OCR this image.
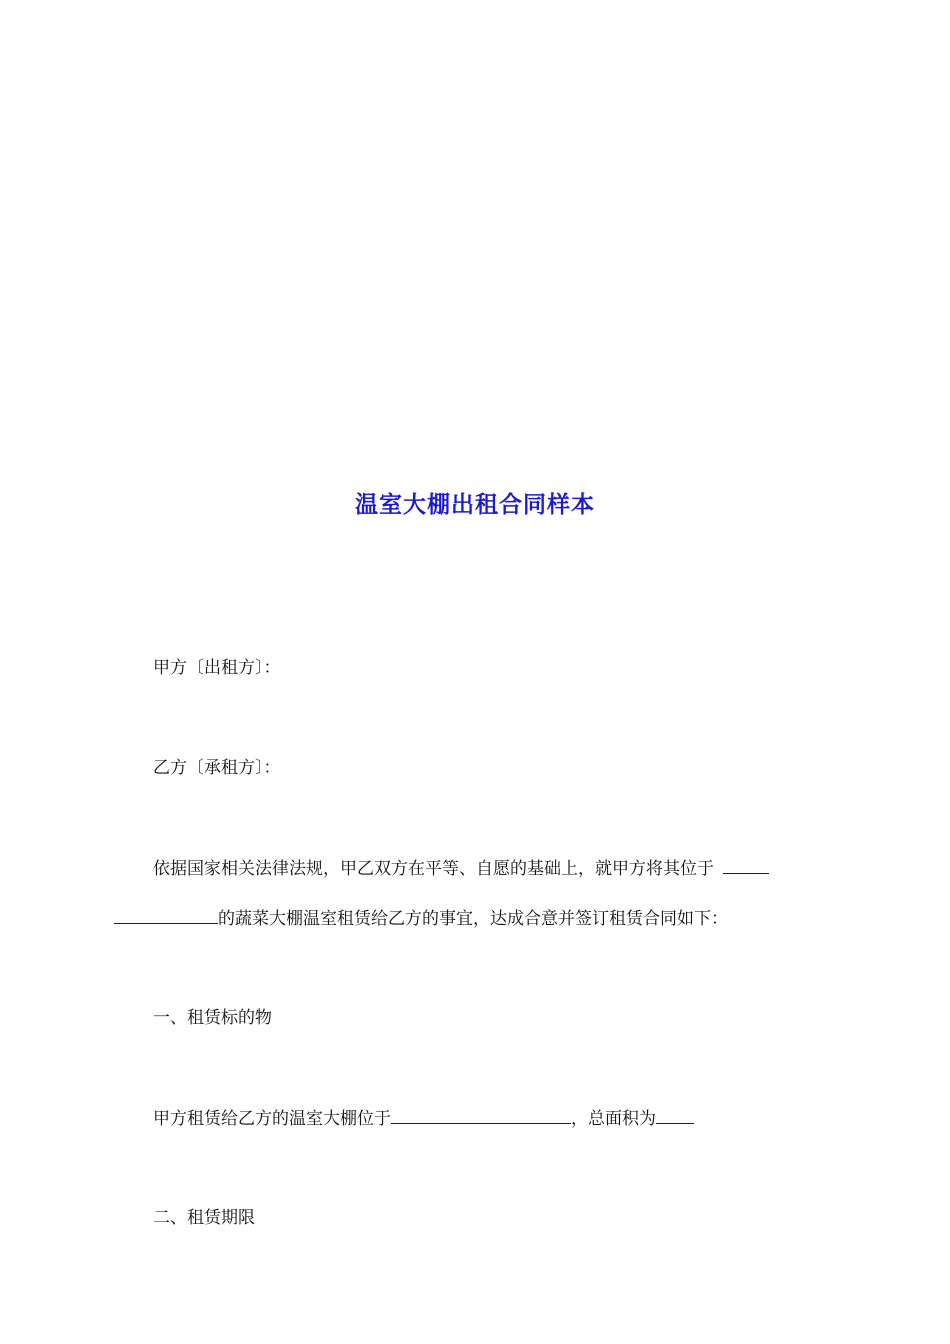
温室大棚出租合同样本
甲方〔出租方〕：
乙方〔承租方〕：
依据国家相关法律法规，甲乙双方在平等、自愿的基础上，就甲方将其位于
的蔬菜大棚温室租赁给乙方的事宜，达成合意并签订租赁合同如下：
一、租赁标的物
甲方租赁给乙方的温室大棚位于	，总面积为
二、租赁期限
